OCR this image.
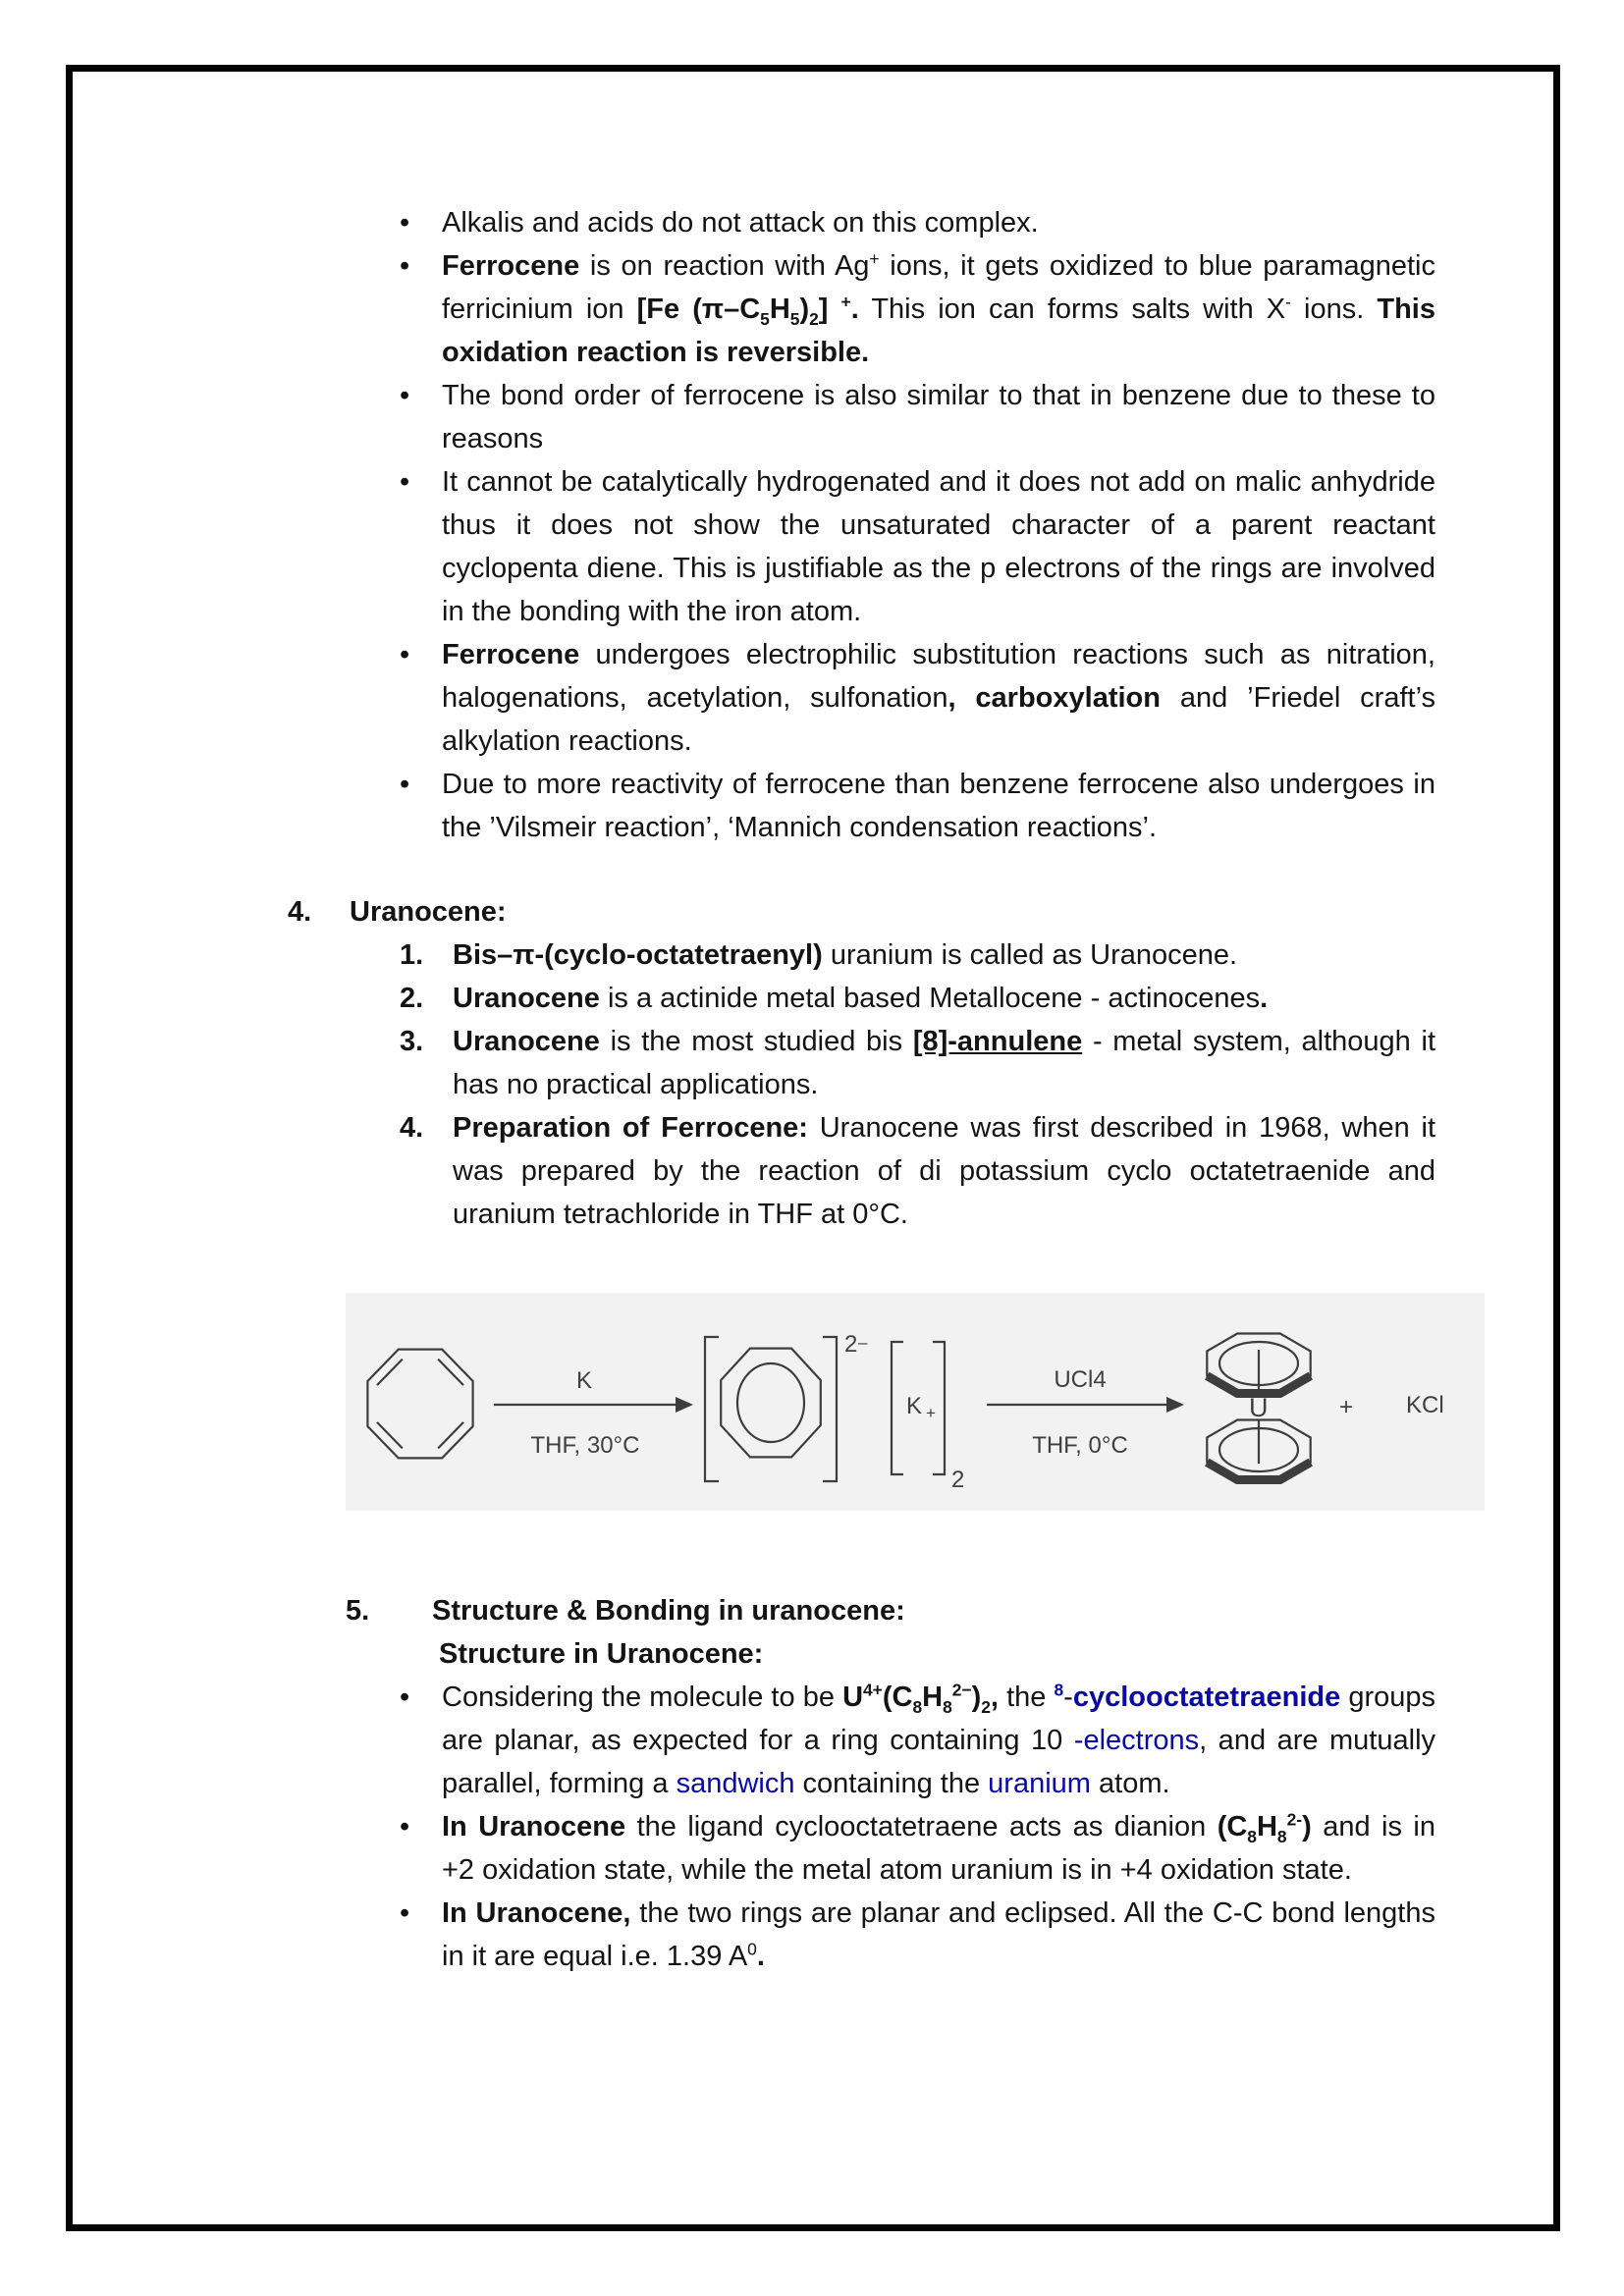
•	Alkalis and acids do not attack on this complex.
•	Ferrocene is on reaction with Ag+ ions, it gets oxidized to blue paramagnetic ferricinium ion [Fe $(\pi-C_5H_5)_2$] +. This ion can forms salts with X- ions. This oxidation reaction is reversible.
•	The bond order of ferrocene is also similar to that in benzene due to these to reasons
•	It cannot be catalytically hydrogenated and it does not add on malic anhydride thus it does not show the unsaturated character of a parent reactant cyclopenta diene. This is justifiable as the p electrons of the rings are involved in the bonding with the iron atom.
•	Ferrocene undergoes electrophilic substitution reactions such as nitration, halogenations, acetylation, sulfonation, carboxylation and ’Friedel craft’s alkylation reactions.
•	Due to more reactivity of ferrocene than benzene ferrocene also undergoes in the ’Vilsmeir reaction’, ‘Mannich condensation reactions’.
4.	Uranocene:
1.	Bis–π-(cyclo-octatetraenyl) uranium is called as Uranocene.
2.	Uranocene is a actinide metal based Metallocene - actinocenes.
3.	Uranocene is the most studied bis [8]-annulene - metal system, although it has no practical applications.
4.	Preparation of Ferrocene: Uranocene was first described in 1968, when it was prepared by the reaction of di potassium cyclo octatetraenide and uranium tetrachloride in THF at 0°C.
K
THF, 30°C
2 –
K +
2
UCl4
THF, 0°C
U	+ KCl
5.	Structure & Bonding in uranocene:
Structure in Uranocene:
•	Considering the molecule to be $U^{4+}(C_8H_8^{2-})_2$, the $^8$-cyclooctatetraenide groups are planar, as expected for a ring containing 10 -electrons, and are mutually parallel, forming a sandwich containing the uranium atom.
•	In Uranocene the ligand cyclooctatetraene acts as dianion $(C_8H_8^{2-})$ and is in +2 oxidation state, while the metal atom uranium is in +4 oxidation state.
•	In Uranocene, the two rings are planar and eclipsed. All the C-C bond lengths in it are equal i.e. 1.39 $A^0$.
